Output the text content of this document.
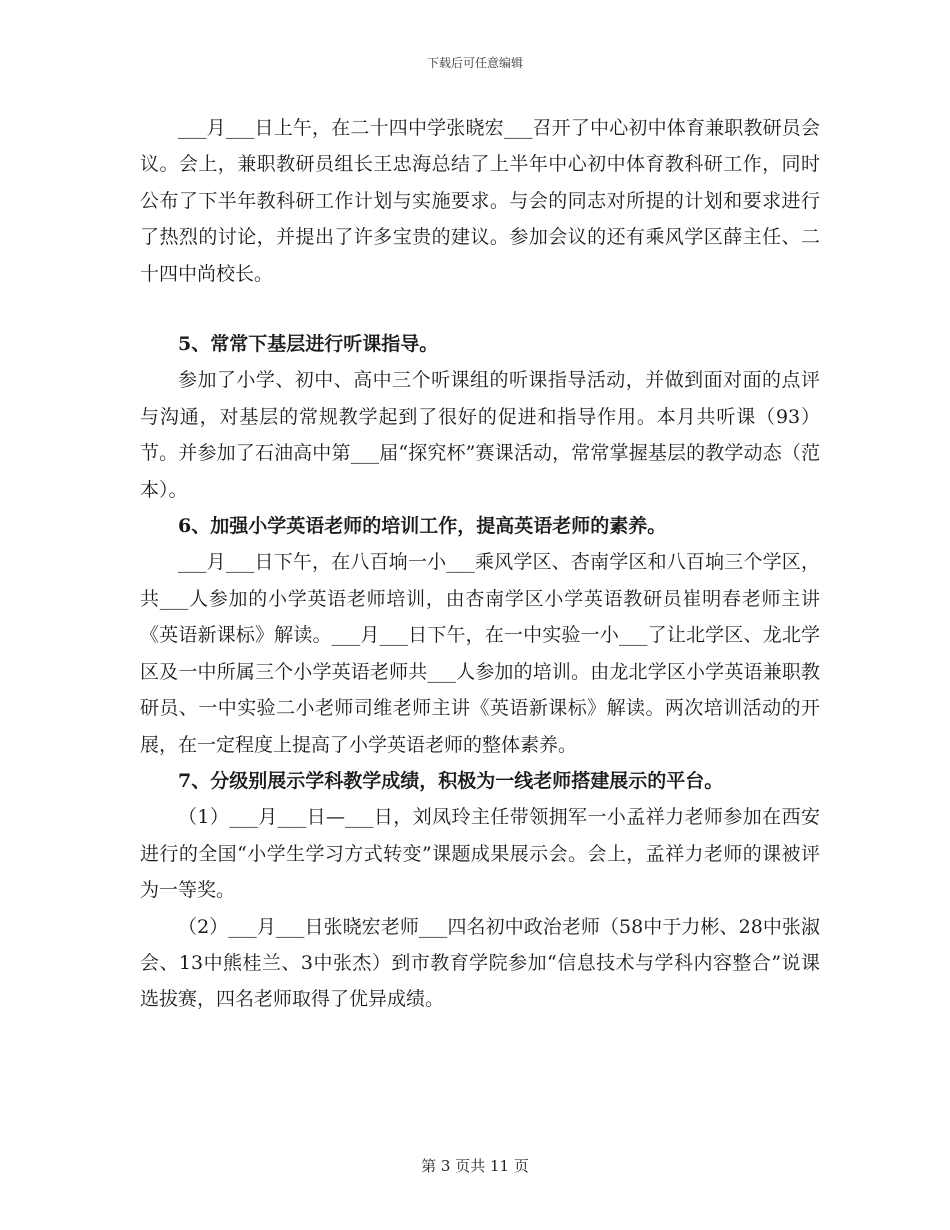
下载后可任意编辑

___月___日上午，在二十四中学张晓宏___召开了中心初中体育兼职教研员会议。会上，兼职教研员组长王忠海总结了上半年中心初中体育教科研工作，同时公布了下半年教科研工作计划与实施要求。与会的同志对所提的计划和要求进行了热烈的讨论，并提出了许多宝贵的建议。参加会议的还有乘风学区薛主任、二十四中尚校长。

5、常常下基层进行听课指导。

参加了小学、初中、高中三个听课组的听课指导活动，并做到面对面的点评与沟通，对基层的常规教学起到了很好的促进和指导作用。本月共听课（93）节。并参加了石油高中第___届“探究杯”赛课活动，常常掌握基层的教学动态（范本）。

6、加强小学英语老师的培训工作，提高英语老师的素养。

___月___日下午，在八百垧一小___乘风学区、杏南学区和八百垧三个学区，共___人参加的小学英语老师培训，由杏南学区小学英语教研员崔明春老师主讲《英语新课标》解读。___月___日下午，在一中实验一小___了让北学区、龙北学区及一中所属三个小学英语老师共___人参加的培训。由龙北学区小学英语兼职教研员、一中实验二小老师司维老师主讲《英语新课标》解读。两次培训活动的开展，在一定程度上提高了小学英语老师的整体素养。

7、分级别展示学科教学成绩，积极为一线老师搭建展示的平台。

（1）___月___日—___日，刘凤玲主任带领拥军一小孟祥力老师参加在西安进行的全国“小学生学习方式转变”课题成果展示会。会上，孟祥力老师的课被评为一等奖。

（2）___月___日张晓宏老师___四名初中政治老师（58中于力彬、28中张淑会、13中熊桂兰、3中张杰）到市教育学院参加“信息技术与学科内容整合”说课选拔赛，四名老师取得了优异成绩。

第 3 页共 11 页
